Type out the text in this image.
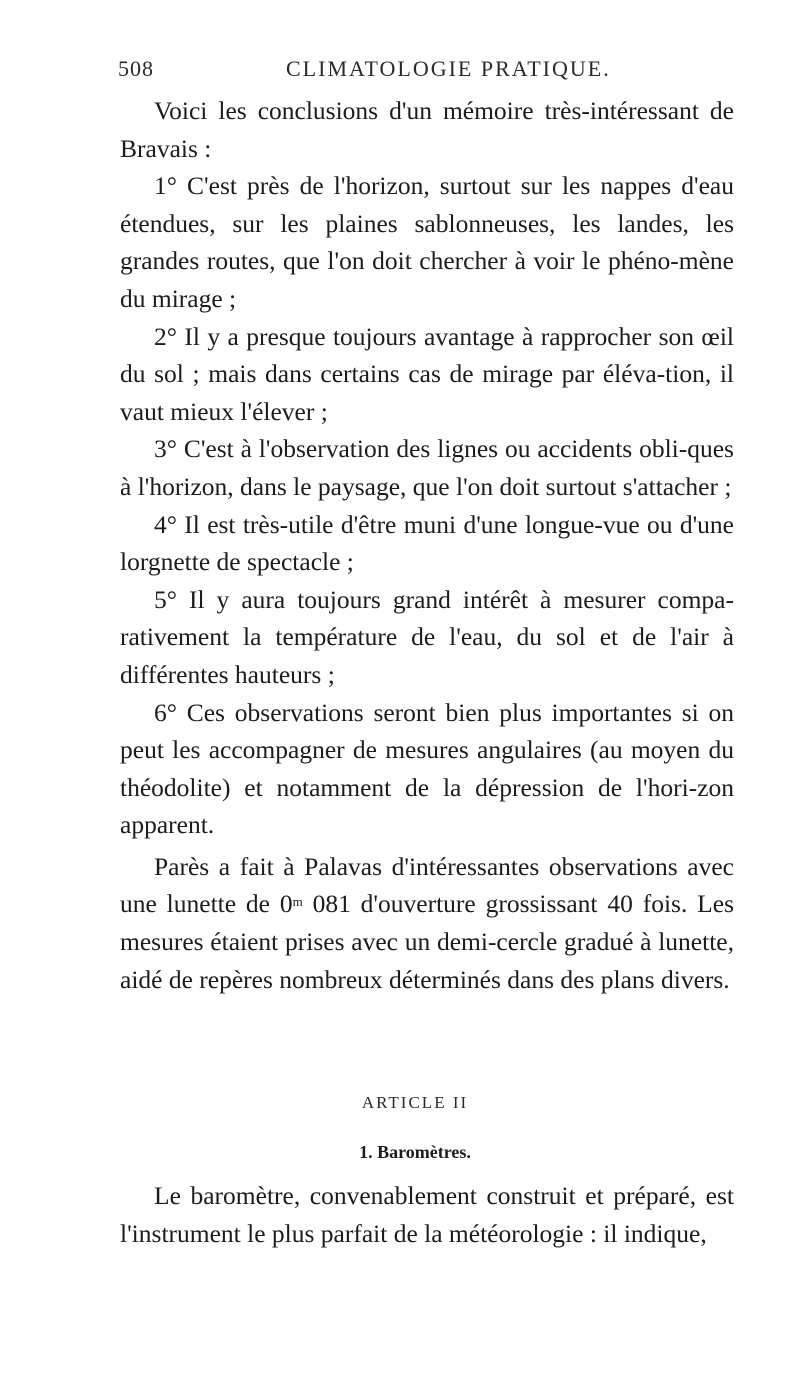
508	CLIMATOLOGIE PRATIQUE.

Voici les conclusions d'un mémoire très-intéressant de Bravais :

1° C'est près de l'horizon, surtout sur les nappes d'eau étendues, sur les plaines sablonneuses, les landes, les grandes routes, que l'on doit chercher à voir le phéno-mène du mirage ;

2° Il y a presque toujours avantage à rapprocher son œil du sol ; mais dans certains cas de mirage par éléva-tion, il vaut mieux l'élever ;

3° C'est à l'observation des lignes ou accidents obli-ques à l'horizon, dans le paysage, que l'on doit surtout s'attacher ;

4° Il est très-utile d'être muni d'une longue-vue ou d'une lorgnette de spectacle ;

5° Il y aura toujours grand intérêt à mesurer compa-rativement la température de l'eau, du sol et de l'air à différentes hauteurs ;

6° Ces observations seront bien plus importantes si on peut les accompagner de mesures angulaires (au moyen du théodolite) et notamment de la dépression de l'hori-zon apparent.

Parès a fait à Palavas d'intéressantes observations avec une lunette de 0$^m$ 081 d'ouverture grossissant 40 fois. Les mesures étaient prises avec un demi-cercle gradué à lunette, aidé de repères nombreux déterminés dans des plans divers.

ARTICLE II
1. Baromètres.

Le baromètre, convenablement construit et préparé, est l'instrument le plus parfait de la météorologie : il indique,
